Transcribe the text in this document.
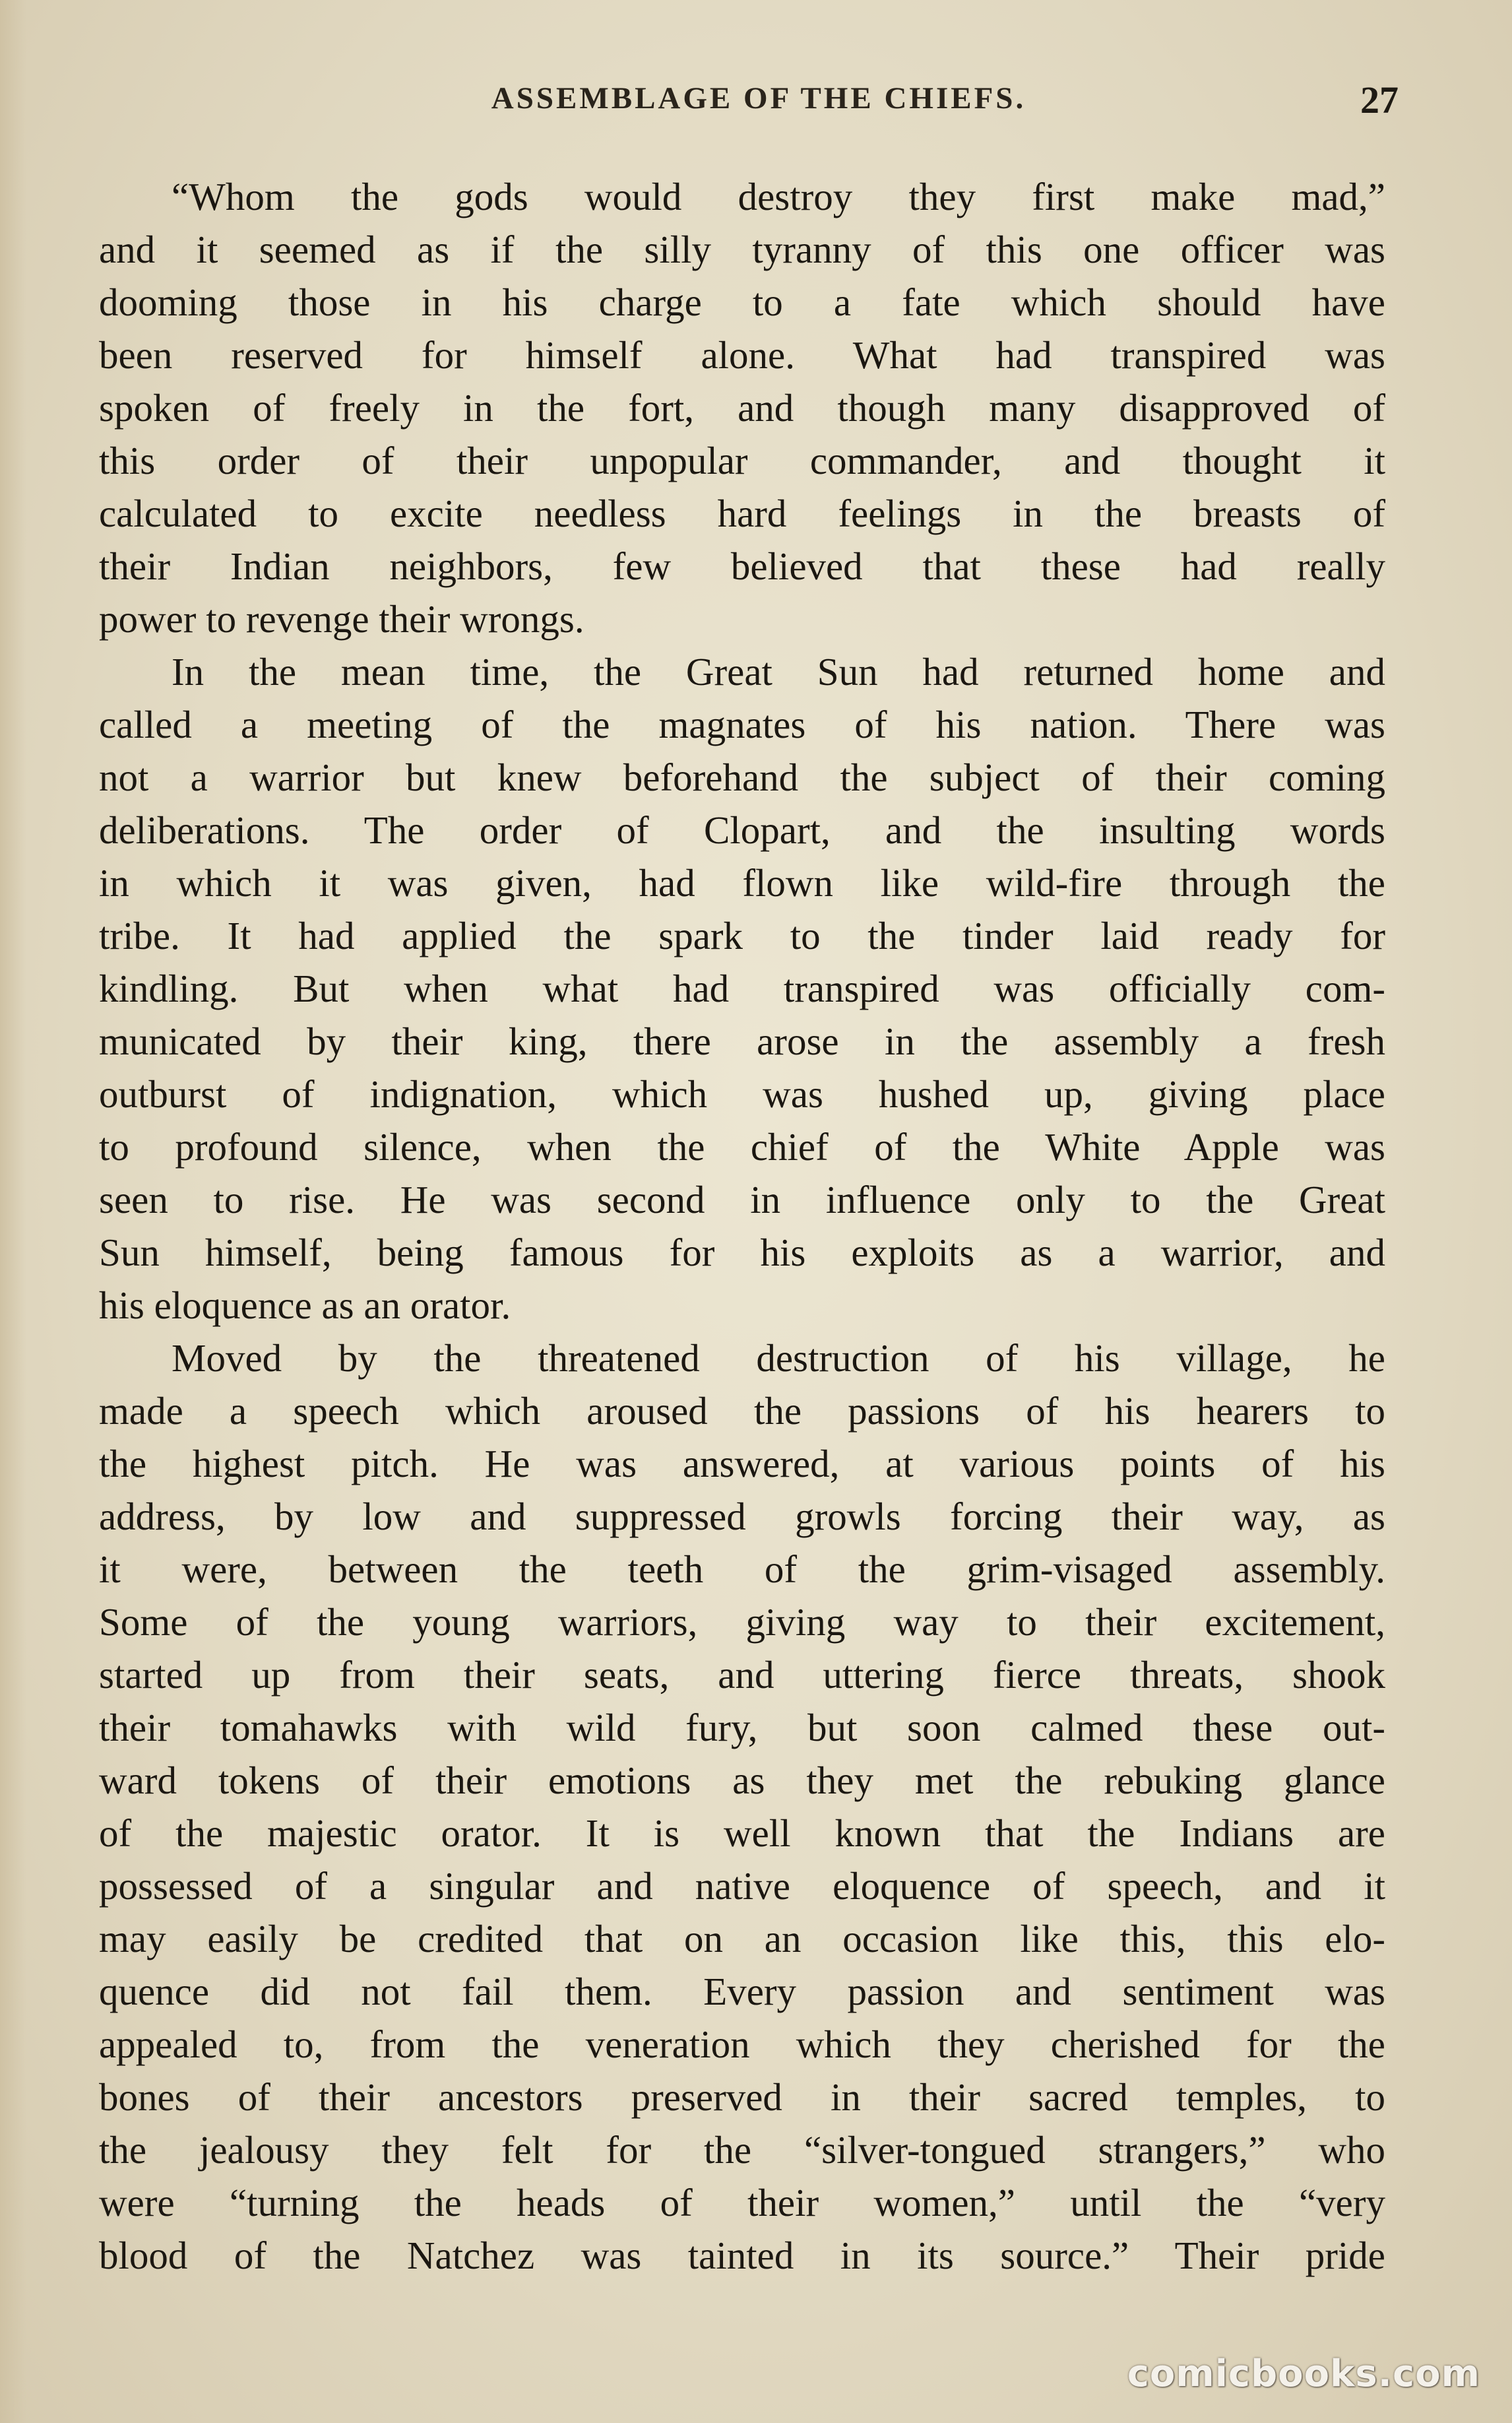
ASSEMBLAGE OF THE CHIEFS.	27
“Whom the gods would destroy they first make mad,”
and it seemed as if the silly tyranny of this one officer was
dooming those in his charge to a fate which should have
been reserved for himself alone. What had transpired was
spoken of freely in the fort, and though many disapproved of
this order of their unpopular commander, and thought it
calculated to excite needless hard feelings in the breasts of
their Indian neighbors, few believed that these had really
power to revenge their wrongs.
In the mean time, the Great Sun had returned home and
called a meeting of the magnates of his nation. There was
not a warrior but knew beforehand the subject of their coming
deliberations. The order of Clopart, and the insulting words
in which it was given, had flown like wild-fire through the
tribe. It had applied the spark to the tinder laid ready for
kindling. But when what had transpired was officially com-
municated by their king, there arose in the assembly a fresh
outburst of indignation, which was hushed up, giving place
to profound silence, when the chief of the White Apple was
seen to rise. He was second in influence only to the Great
Sun himself, being famous for his exploits as a warrior, and
his eloquence as an orator.
Moved by the threatened destruction of his village, he
made a speech which aroused the passions of his hearers to
the highest pitch. He was answered, at various points of his
address, by low and suppressed growls forcing their way, as
it were, between the teeth of the grim-visaged assembly.
Some of the young warriors, giving way to their excitement,
started up from their seats, and uttering fierce threats, shook
their tomahawks with wild fury, but soon calmed these out-
ward tokens of their emotions as they met the rebuking glance
of the majestic orator. It is well known that the Indians are
possessed of a singular and native eloquence of speech, and it
may easily be credited that on an occasion like this, this elo-
quence did not fail them. Every passion and sentiment was
appealed to, from the veneration which they cherished for the
bones of their ancestors preserved in their sacred temples, to
the jealousy they felt for the “silver-tongued strangers,” who
were “turning the heads of their women,” until the “very
blood of the Natchez was tainted in its source.” Their pride
comicbooks.com
